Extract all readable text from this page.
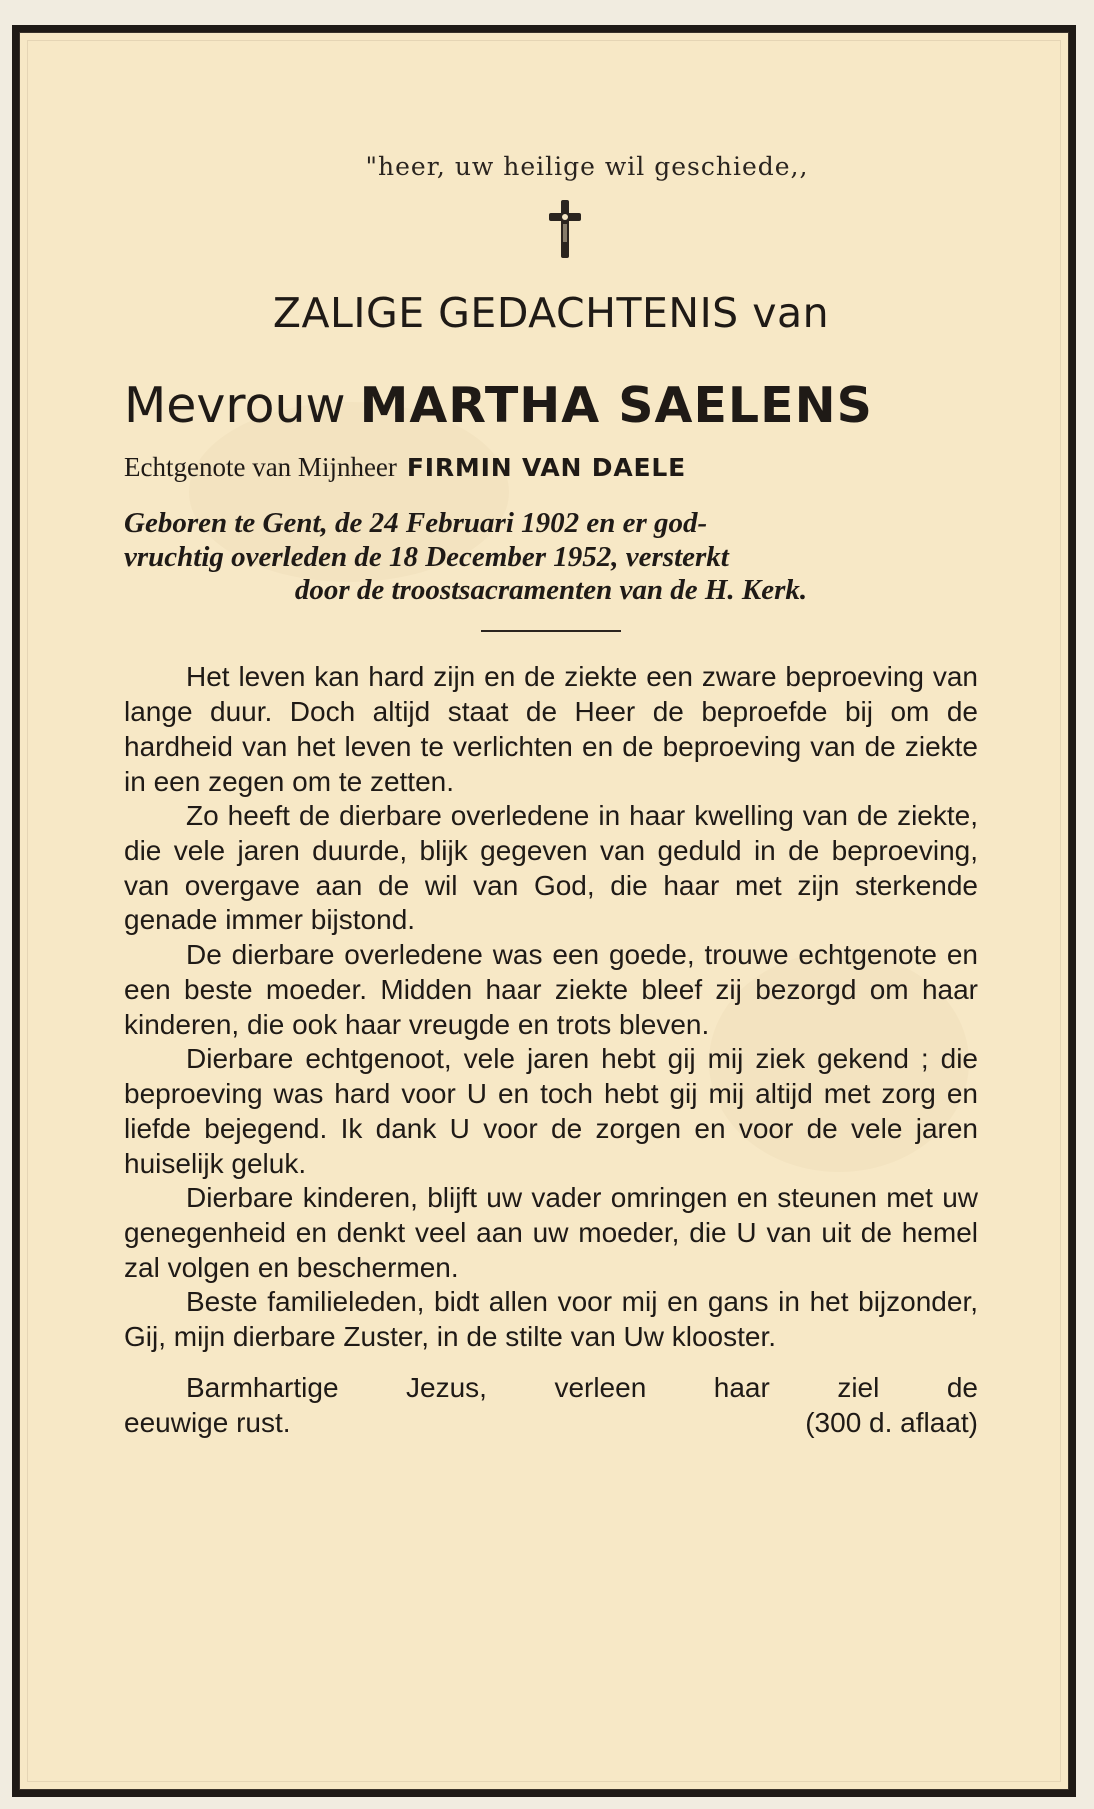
"heer, uw heilige wil geschiede,,
ZALIGE GEDACHTENIS van
Mevrouw MARTHA SAELENS
Echtgenote van Mijnheer FIRMIN VAN DAELE
Geboren te Gent, de 24 Februari 1902 en er god-
vruchtig overleden de 18 December 1952, versterkt
door de troostsacramenten van de H. Kerk.

Het leven kan hard zijn en de ziekte een zware beproeving van lange duur. Doch altijd staat de Heer de beproefde bij om de hardheid van het leven te verlichten en de beproeving van de ziekte in een zegen om te zetten.

Zo heeft de dierbare overledene in haar kwelling van de ziekte, die vele jaren duurde, blijk gegeven van geduld in de beproeving, van overgave aan de wil van God, die haar met zijn sterkende genade immer bijstond.

De dierbare overledene was een goede, trouwe echtgenote en een beste moeder. Midden haar ziekte bleef zij bezorgd om haar kinderen, die ook haar vreugde en trots bleven.

Dierbare echtgenoot, vele jaren hebt gij mij ziek gekend ; die beproeving was hard voor U en toch hebt gij mij altijd met zorg en liefde bejegend. Ik dank U voor de zorgen en voor de vele jaren huiselijk geluk.

Dierbare kinderen, blijft uw vader omringen en steunen met uw genegenheid en denkt veel aan uw moeder, die U van uit de hemel zal volgen en beschermen.

Beste familieleden, bidt allen voor mij en gans in het bijzonder, Gij, mijn dierbare Zuster, in de stilte van Uw klooster.

Barmhartige Jezus, verleen haar ziel de
eeuwige rust.	(300 d. aflaat)
